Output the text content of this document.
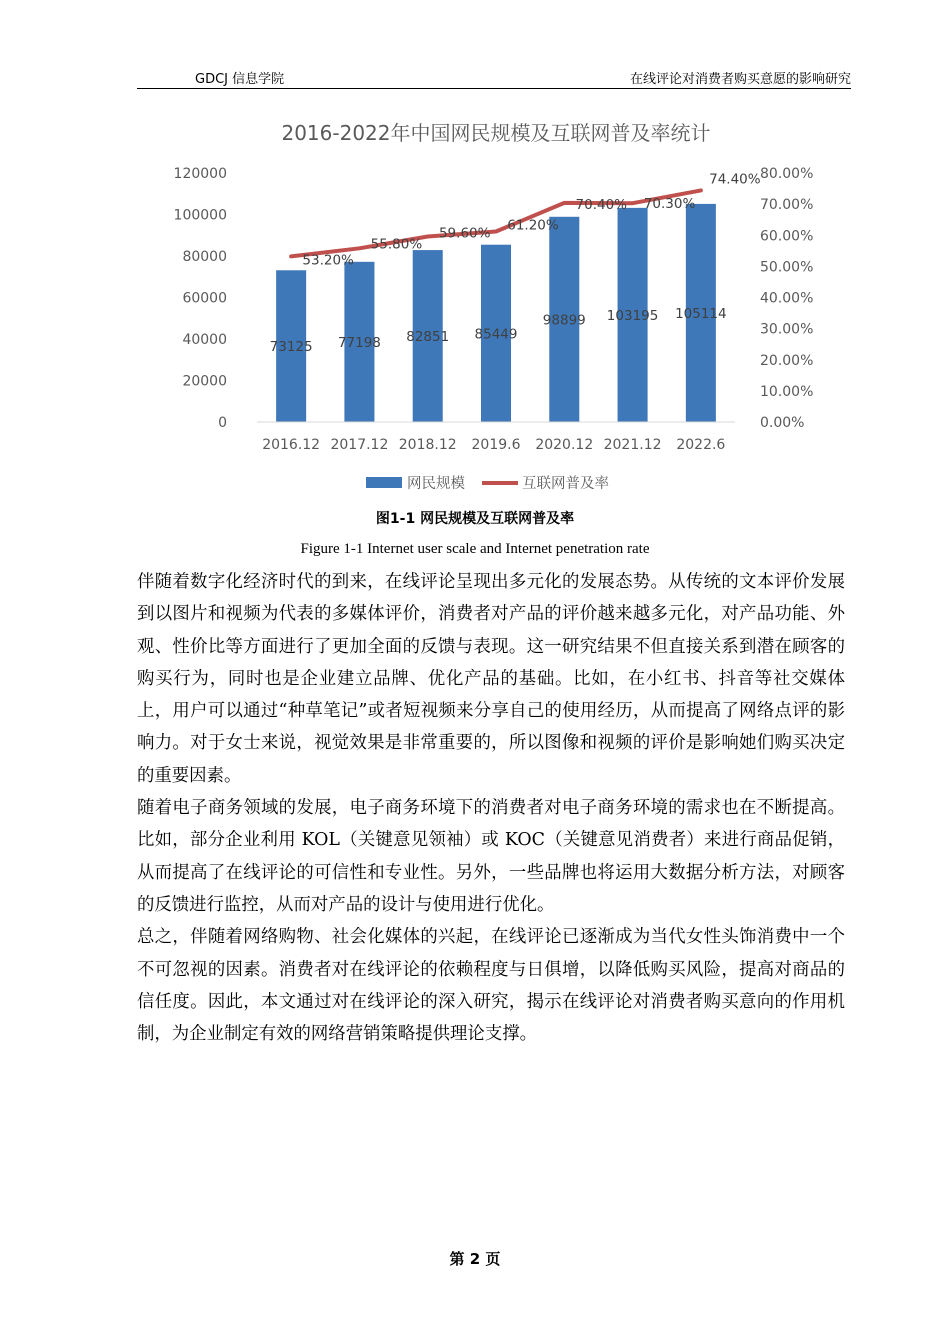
GDCJ 信息学院	在线评论对消费者购买意愿的影响研究
2016-2022年中国网民规模及互联网普及率统计
0
20000
40000
60000
80000
100000
120000
0.00%
10.00%
20.00%
30.00%
40.00%
50.00%
60.00%
70.00%
80.00%
73125 77198 82851 85449
98899 103195 105114
2016.12 2017.12 2018.12 2019.6 2020.12 2021.12 2022.6
53.20%
55.80%
59.60% 61.20%
70.40% 70.30%
74.40%
网民规模	互联网普及率
图1-1 网民规模及互联网普及率
Figure 1-1 Internet user scale and Internet penetration rate

伴随着数字化经济时代的到来，在线评论呈现出多元化的发展态势。从传统的文本评价发展到以图片和视频为代表的多媒体评价，消费者对产品的评价越来越多元化，对产品功能、外观、性价比等方面进行了更加全面的反馈与表现。这一研究结果不但直接关系到潜在顾客的购买行为，同时也是企业建立品牌、优化产品的基础。比如，在小红书、抖音等社交媒体上，用户可以通过“种草笔记”或者短视频来分享自己的使用经历，从而提高了网络点评的影响力。对于女士来说，视觉效果是非常重要的，所以图像和视频的评价是影响她们购买决定的重要因素。

随着电子商务领域的发展，电子商务环境下的消费者对电子商务环境的需求也在不断提高。比如，部分企业利用 KOL（关键意见领袖）或 KOC（关键意见消费者）来进行商品促销，从而提高了在线评论的可信性和专业性。另外，一些品牌也将运用大数据分析方法，对顾客的反馈进行监控，从而对产品的设计与使用进行优化。

总之，伴随着网络购物、社会化媒体的兴起，在线评论已逐渐成为当代女性头饰消费中一个不可忽视的因素。消费者对在线评论的依赖程度与日俱增，以降低购买风险，提高对商品的信任度。因此，本文通过对在线评论的深入研究，揭示在线评论对消费者购买意向的作用机制，为企业制定有效的网络营销策略提供理论支撑。

第 2 页
